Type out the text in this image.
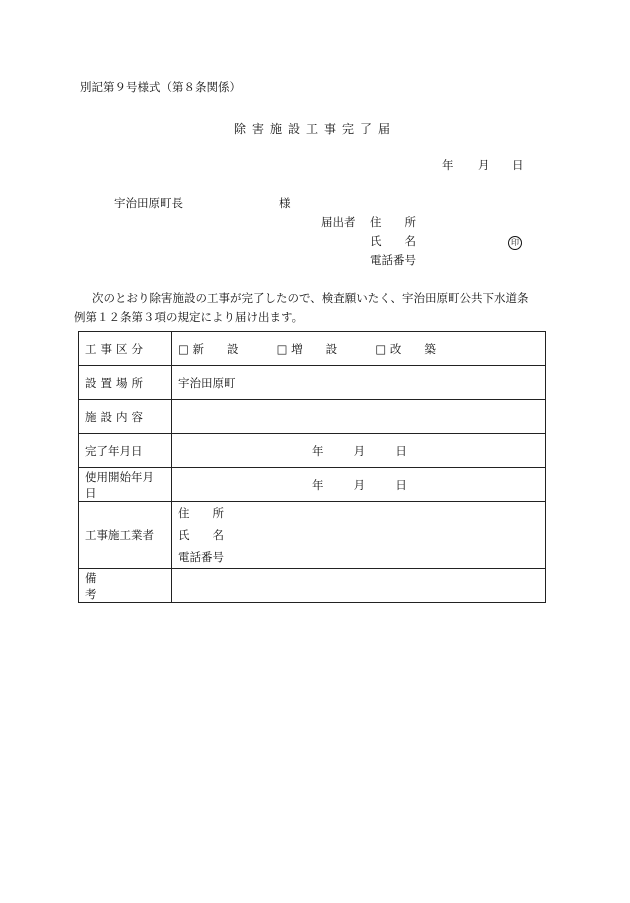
別記第９号様式（第８条関係）
除害施設工事完了届
年 月 日
宇治田原町長	様
届出者 住　　所
氏　　名	印
電話番号

次のとおり除害施設の工事が完了したので、検査願いたく、宇治田原町公共下水道条

例第１２条第３項の規定により届け出ます。

工事区分	□ 新　　設 □ 増　　設 □ 改　　築

設置場所	宇治田原町

施設内容	

完了年月日	年 月 日

使用開始年月日	年 月 日

工事施工業者	住　　所
氏　　名
電話番号

備考	
